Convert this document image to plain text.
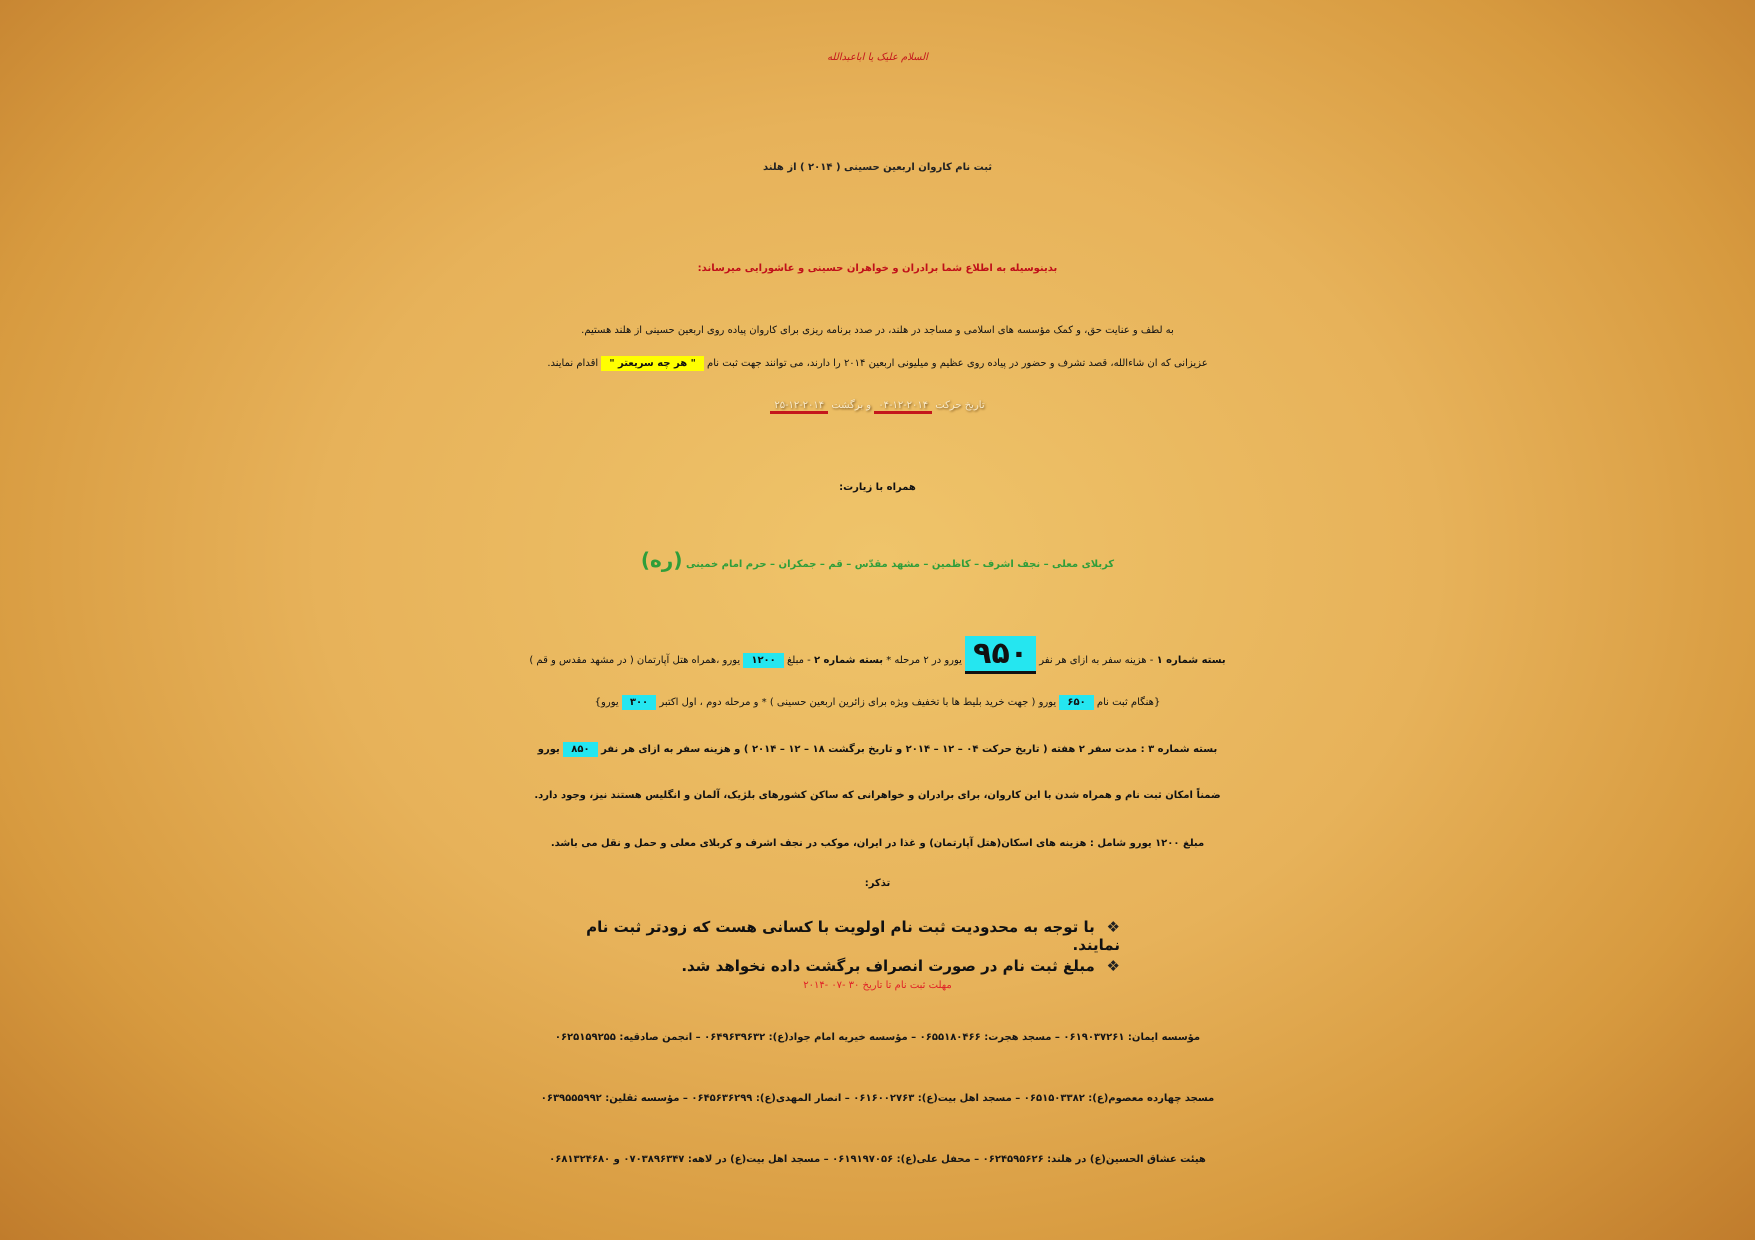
السلام علیک یا اباعبدالله
ثبت نام کاروان اربعین حسینی ( ۲۰۱۴ ) از هلند
بدینوسیله به اطلاع شما برادران و خواهران حسینی و عاشورایی میرساند:
به لطف و عنایت حق، و کمک مؤسسه های اسلامی و مساجد در هلند، در صدد برنامه ریزی برای کاروان پیاده روی اربعین حسینی از هلند هستیم.
عزیزانی که ان شاءالله، قصد تشرف و حضور در پیاده روی عظیم و میلیونی اربعین ۲۰۱۴ را دارند، می توانند جهت ثبت نام " هر چه سریعتر " اقدام نمایند.
تاریخ حرکت ۲۰۱۴-۱۲-۰۴ و برگشت ۲۰۱۴-۱۲-۲۵
همراه با زیارت:
کربلای معلی – نجف اشرف – کاظمین – مشهد مقدّس – قم – جمکران – حرم امام خمینی (ره)
بسته شماره ۱ - هزینه سفر به ازای هر نفر ۹۵۰ یورو در ۲ مرحله * بسته شماره ۲ - مبلغ ۱۲۰۰ یورو ،همراه هتل آپارتمان ( در مشهد مقدس و قم )
{هنگام ثبت نام ۶۵۰ یورو ( جهت خرید بلیط ها با تخفیف ویژه برای زائرین اربعین حسینی ) * و مرحله دوم ، اول اکتبر ۳۰۰ یورو}
بسته شماره ۳ : مدت سفر ۲ هفته ( تاریخ حرکت ۰۴ – ۱۲ – ۲۰۱۴ و تاریخ برگشت ۱۸ – ۱۲ – ۲۰۱۴ ) و هزینه سفر به ازای هر نفر ۸۵۰ یورو
ضمناً امکان ثبت نام و همراه شدن با این کاروان، برای برادران و خواهرانی که ساکن کشورهای بلژیک، آلمان و انگلیس هستند نیز، وجود دارد.
مبلغ ۱۲۰۰ یورو شامل : هزینه های اسکان(هتل آپارتمان) و غذا در ایران، موکب در نجف اشرف و کربلای معلی و حمل و نقل می باشد.
تذکر:
❖ با توجه به محدودیت ثبت نام اولویت با کسانی هست که زودتر ثبت نام نمایند.
❖ مبلغ ثبت نام در صورت انصراف برگشت داده نخواهد شد.
مهلت ثبت نام تا تاریخ ۳۰ -۰۷ -۲۰۱۴
مؤسسه ایمان: ۰۶۱۹۰۳۷۲۶۱ – مسجد هجرت: ۰۶۵۵۱۸۰۴۶۶ – مؤسسه خیریه امام جواد(ع): ۰۶۴۹۶۳۹۶۳۲ – انجمن صادقیه: ۰۶۲۵۱۵۹۲۵۵
مسجد چهارده معصوم(ع): ۰۶۵۱۵۰۳۳۸۲ – مسجد اهل بیت(ع): ۰۶۱۶۰۰۲۷۶۳ – انصار المهدی(ع): ۰۶۴۵۶۳۶۲۹۹ – مؤسسه ثقلین: ۰۶۳۹۵۵۵۹۹۲
هیئت عشاق الحسین(ع) در هلند: ۰۶۲۴۵۹۵۶۲۶ – محفل علی(ع): ۰۶۱۹۱۹۷۰۵۶ – مسجد اهل بیت(ع) در لاهه: ۰۷۰۳۸۹۶۳۴۷ و ۰۶۸۱۳۲۴۶۸۰
